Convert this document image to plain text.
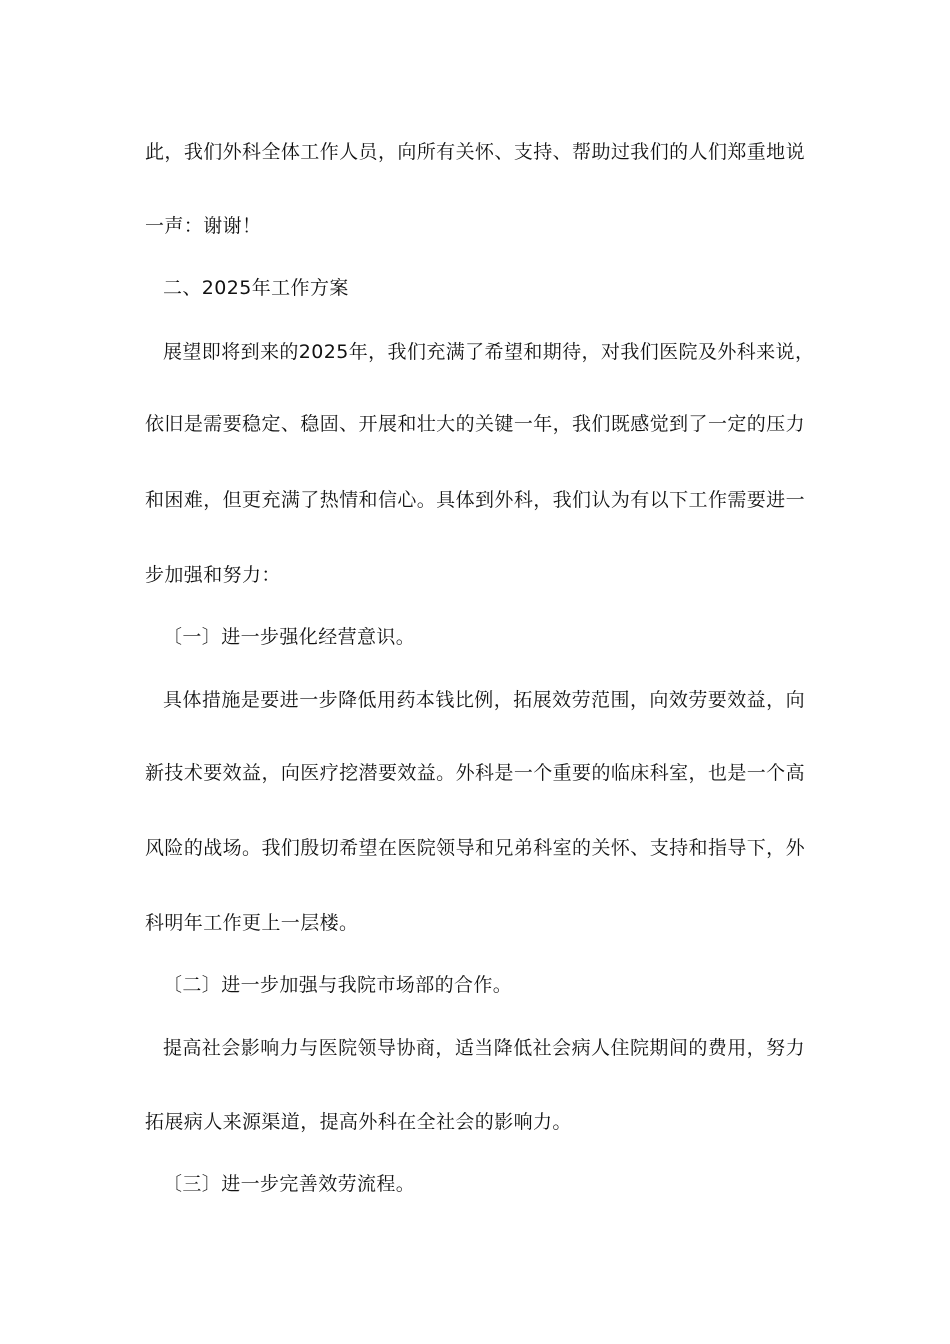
此，我们外科全体工作人员，向所有关怀、支持、帮助过我们的人们郑重地说
一声：谢谢！
二、2025年工作方案
展望即将到来的2025年，我们充满了希望和期待，对我们医院及外科来说，
依旧是需要稳定、稳固、开展和壮大的关键一年，我们既感觉到了一定的压力
和困难，但更充满了热情和信心。具体到外科，我们认为有以下工作需要进一
步加强和努力：
〔一〕进一步强化经营意识。
具体措施是要进一步降低用药本钱比例，拓展效劳范围，向效劳要效益，向
新技术要效益，向医疗挖潜要效益。外科是一个重要的临床科室，也是一个高
风险的战场。我们殷切希望在医院领导和兄弟科室的关怀、支持和指导下，外
科明年工作更上一层楼。
〔二〕进一步加强与我院市场部的合作。
提高社会影响力与医院领导协商，适当降低社会病人住院期间的费用，努力
拓展病人来源渠道，提高外科在全社会的影响力。
〔三〕进一步完善效劳流程。
